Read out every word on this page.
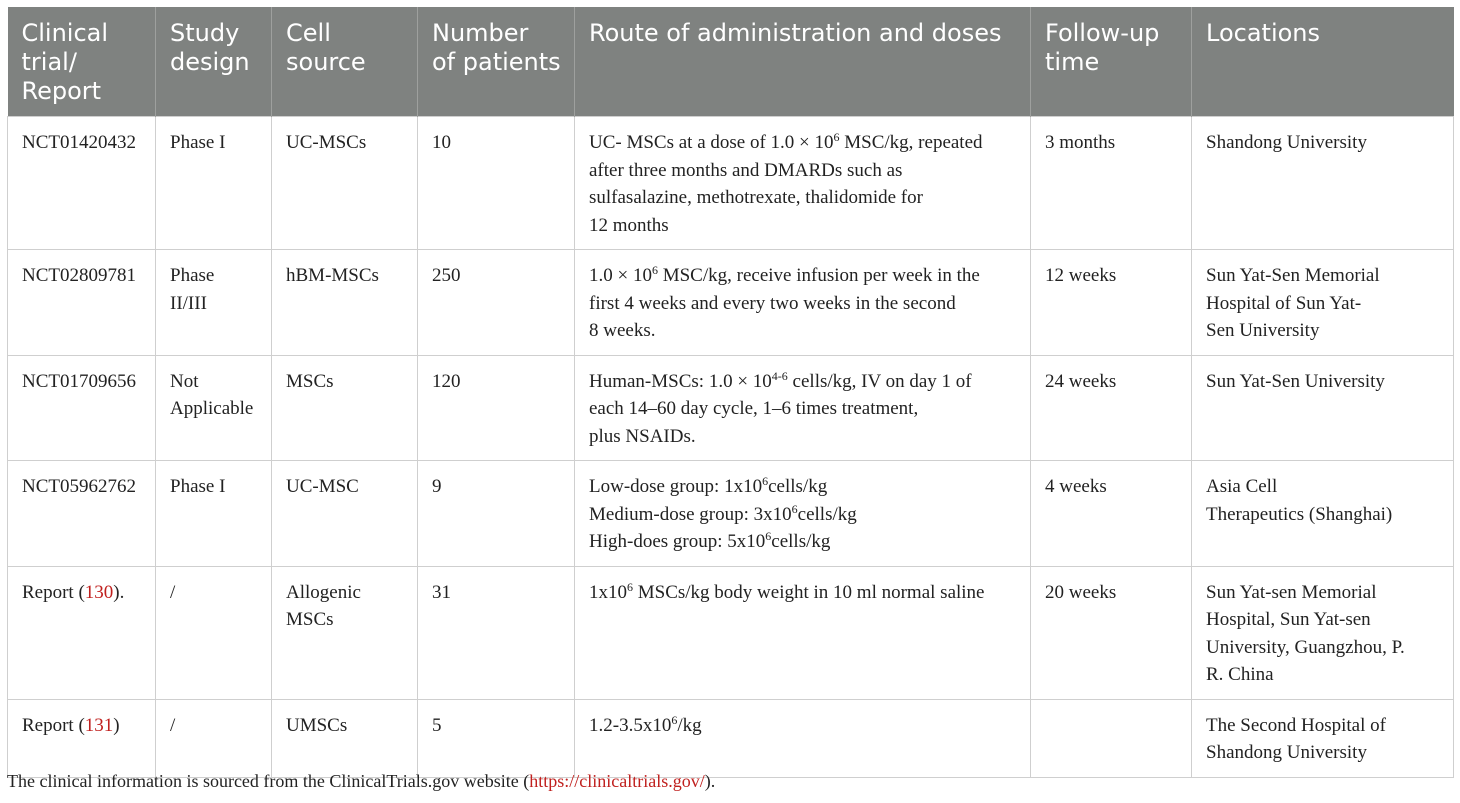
Clinical
trial/
Report	Study
design	Cell
source	Number
of patients	Route of administration and doses	Follow-up
time	Locations
NCT01420432	Phase I	UC-MSCs	10	UC- MSCs at a dose of $1.0 \times 10^6$ MSC/kg, repeated
after three months and DMARDs such as
sulfasalazine, methotrexate, thalidomide for
12 months	3 months	Shandong University
NCT02809781	Phase
II/III	hBM-MSCs	250	$1.0 \times 10^6$ MSC/kg, receive infusion per week in the
first 4 weeks and every two weeks in the second
8 weeks.	12 weeks	Sun Yat-Sen Memorial
Hospital of Sun Yat-
Sen University
NCT01709656	Not
Applicable	MSCs	120	Human-MSCs: $1.0 \times 10^{4-6}$ cells/kg, IV on day 1 of
each 14–60 day cycle, 1–6 times treatment,
plus NSAIDs.	24 weeks	Sun Yat-Sen University
NCT05962762	Phase I	UC-MSC	9	Low-dose group: $1x10^6cells/kg$
Medium-dose group: $3x10^6cells/kg$
High-does group: $5x10^6cells/kg$	4 weeks	Asia Cell
Therapeutics (Shanghai)
Report (130).	/	Allogenic
MSCs	31	$1x10^6$ MSCs/kg body weight in 10 ml normal saline	20 weeks	Sun Yat-sen Memorial
Hospital, Sun Yat-sen
University, Guangzhou, P.
R. China
Report (131)	/	UMSCs	5	$1.2-3.5x10^6/kg$		The Second Hospital of
Shandong University
The clinical information is sourced from the ClinicalTrials.gov website (https://clinicaltrials.gov/).
